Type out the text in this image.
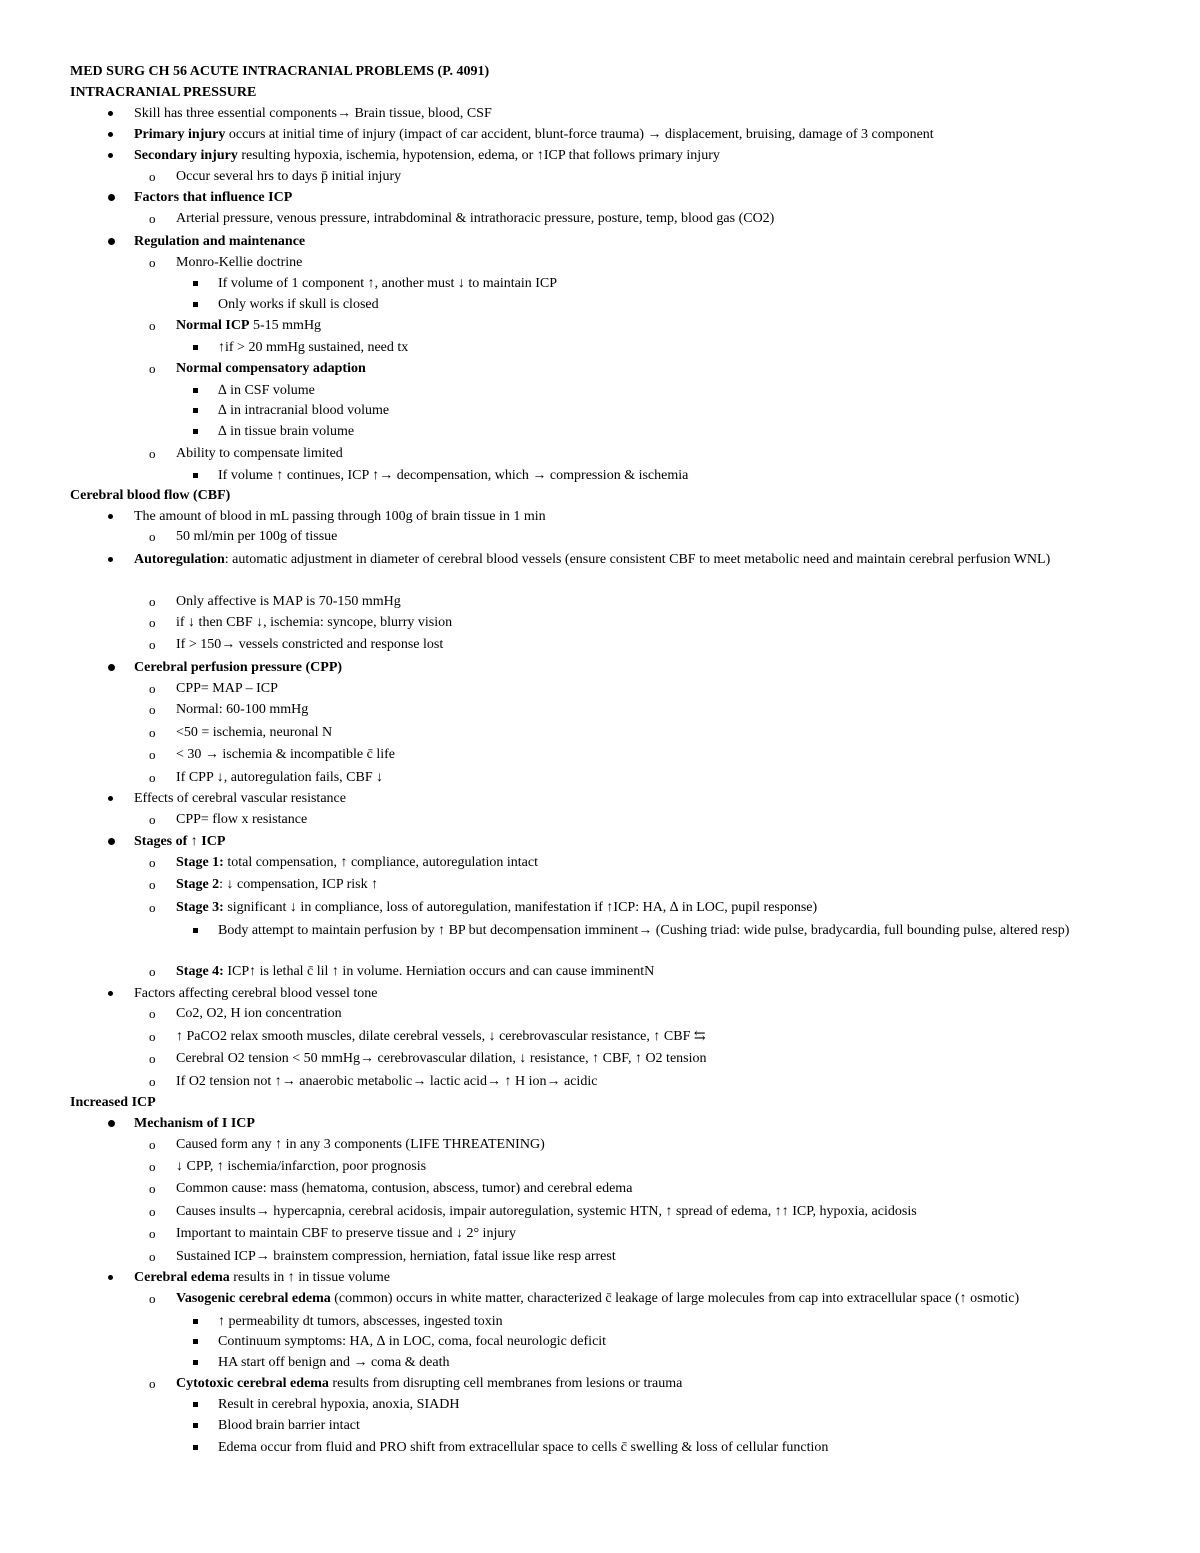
MED SURG CH 56 ACUTE INTRACRANIAL PROBLEMS (P. 4091)
INTRACRANIAL PRESSURE
Skill has three essential components→ Brain tissue, blood, CSF
Primary injury occurs at initial time of injury (impact of car accident, blunt-force trauma) → displacement, bruising, damage of 3 component
Secondary injury resulting hypoxia, ischemia, hypotension, edema, or ↑ICP that follows primary injury
o Occur several hrs to days p̄ initial injury
Factors that influence ICP
o Arterial pressure, venous pressure, intrabdominal & intrathoracic pressure, posture, temp, blood gas (CO2)
Regulation and maintenance
o Monro-Kellie doctrine
If volume of 1 component ↑, another must ↓ to maintain ICP
Only works if skull is closed
o Normal ICP 5-15 mmHg
↑if > 20 mmHg sustained, need tx
o Normal compensatory adaption
∆ in CSF volume
∆ in intracranial blood volume
∆ in tissue brain volume
o Ability to compensate limited
If volume ↑ continues, ICP ↑→ decompensation, which → compression & ischemia
Cerebral blood flow (CBF)
The amount of blood in mL passing through 100g of brain tissue in 1 min
o 50 ml/min per 100g of tissue
Autoregulation: automatic adjustment in diameter of cerebral blood vessels (ensure consistent CBF to meet metabolic need and maintain cerebral perfusion WNL)
o Only affective is MAP is 70-150 mmHg
o if ↓ then CBF ↓, ischemia: syncope, blurry vision
o If > 150→ vessels constricted and response lost
Cerebral perfusion pressure (CPP)
o CPP= MAP – ICP
o Normal: 60-100 mmHg
o <50 = ischemia, neuronal N
o < 30 → ischemia & incompatible c̄ life
o If CPP ↓, autoregulation fails, CBF ↓
Effects of cerebral vascular resistance
o CPP= flow x resistance
Stages of ↑ ICP
o Stage 1: total compensation, ↑ compliance, autoregulation intact
o Stage 2: ↓ compensation, ICP risk ↑
o Stage 3: significant ↓ in compliance, loss of autoregulation, manifestation if ↑ICP: HA, ∆ in LOC, pupil response)
Body attempt to maintain perfusion by ↑ BP but decompensation imminent→ (Cushing triad: wide pulse, bradycardia, full bounding pulse, altered resp)
o Stage 4: ICP↑ is lethal c̄ lil ↑ in volume. Herniation occurs and can cause imminentN
Factors affecting cerebral blood vessel tone
o Co2, O2, H ion concentration
o ↑ PaCO2 relax smooth muscles, dilate cerebral vessels, ↓ cerebrovascular resistance, ↑ CBF ⇆
o Cerebral O2 tension < 50 mmHg→ cerebrovascular dilation, ↓ resistance, ↑ CBF, ↑ O2 tension
o If O2 tension not ↑→ anaerobic metabolic→ lactic acid→ ↑ H ion→ acidic
Increased ICP
Mechanism of I ICP
o Caused form any ↑ in any 3 components (LIFE THREATENING)
o ↓ CPP, ↑ ischemia/infarction, poor prognosis
o Common cause: mass (hematoma, contusion, abscess, tumor) and cerebral edema
o Causes insults→ hypercapnia, cerebral acidosis, impair autoregulation, systemic HTN, ↑ spread of edema, ↑↑ ICP, hypoxia, acidosis
o Important to maintain CBF to preserve tissue and ↓ 2° injury
o Sustained ICP→ brainstem compression, herniation, fatal issue like resp arrest
Cerebral edema results in ↑ in tissue volume
o Vasogenic cerebral edema (common) occurs in white matter, characterized c̄ leakage of large molecules from cap into extracellular space (↑ osmotic)
↑ permeability dt tumors, abscesses, ingested toxin
Continuum symptoms: HA, ∆ in LOC, coma, focal neurologic deficit
HA start off benign and → coma & death
o Cytotoxic cerebral edema results from disrupting cell membranes from lesions or trauma
Result in cerebral hypoxia, anoxia, SIADH
Blood brain barrier intact
Edema occur from fluid and PRO shift from extracellular space to cells c̄ swelling & loss of cellular function
